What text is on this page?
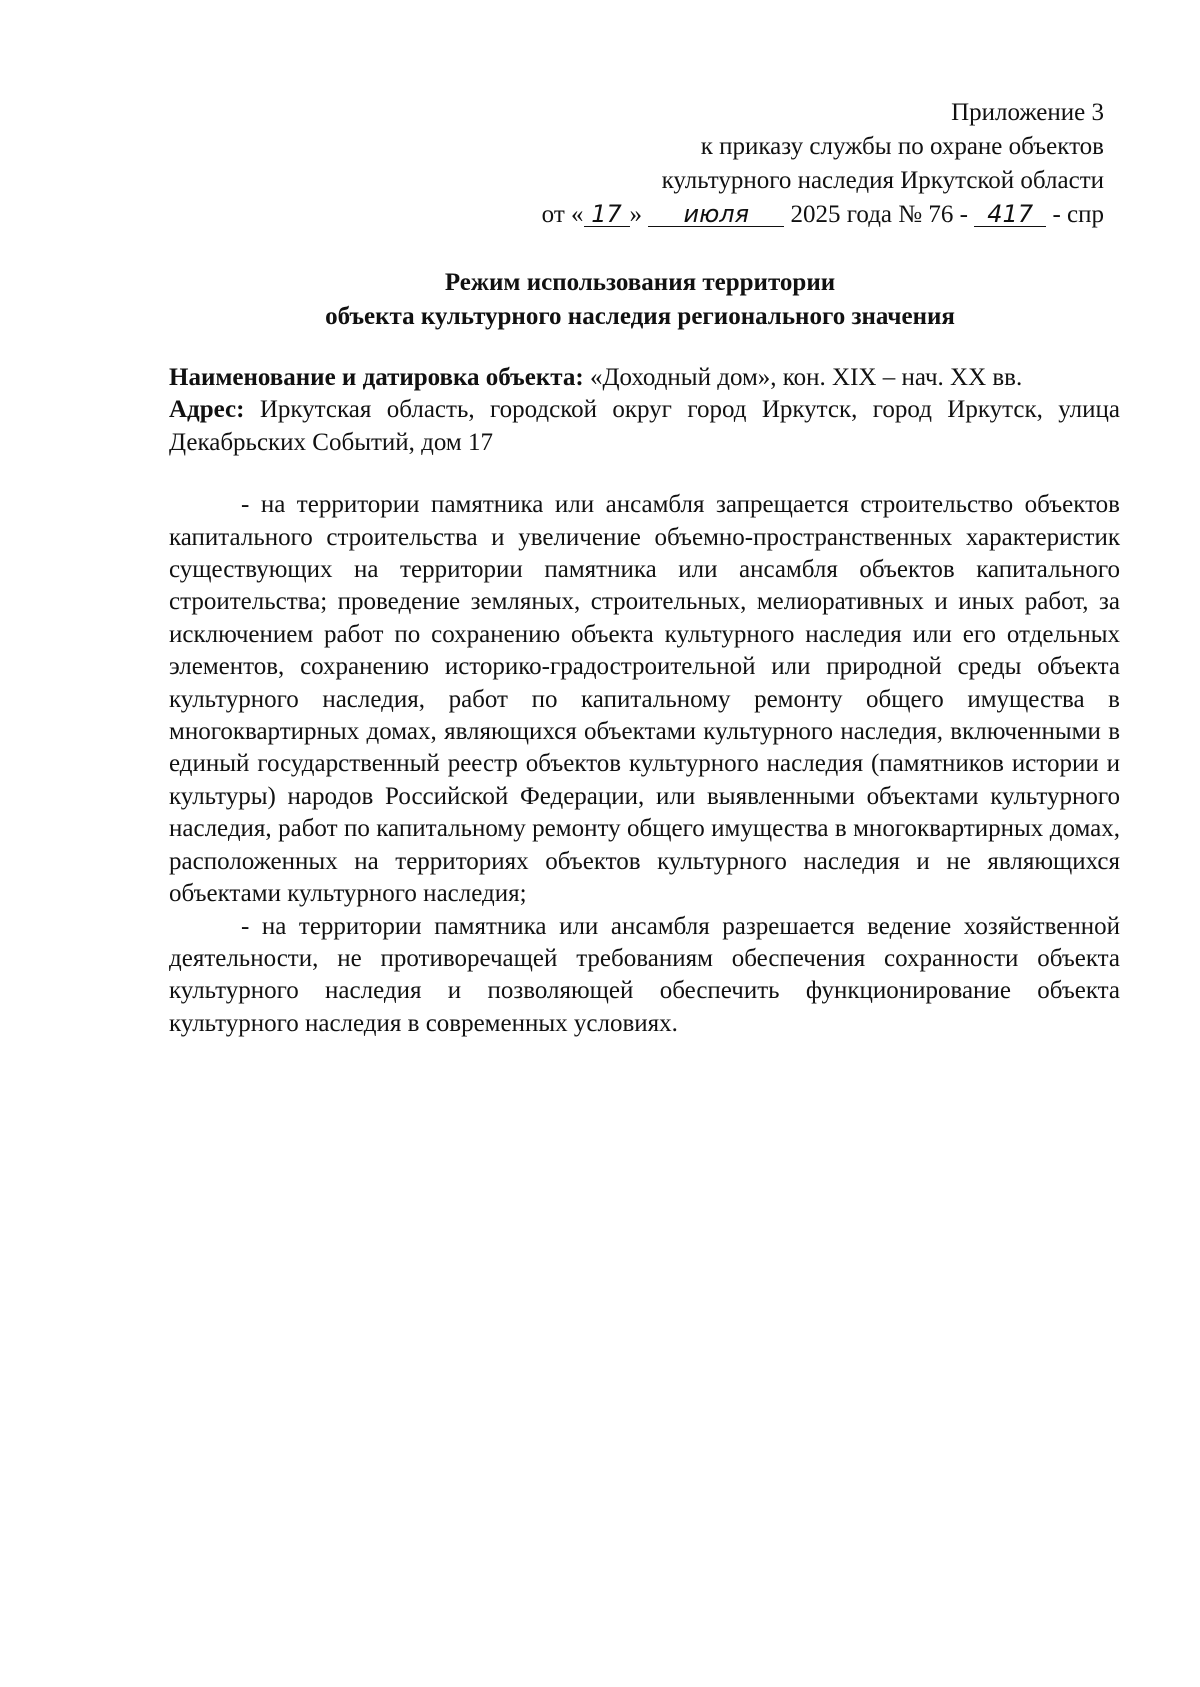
Приложение 3
к приказу службы по охране объектов
культурного наследия Иркутской области
от « 17 » июля 2025 года № 76 - 417 - спр
Режим использования территории
объекта культурного наследия регионального значения

Наименование и датировка объекта: «Доходный дом», кон. XIX – нач. XX вв.

Адрес: Иркутская область, городской округ город Иркутск, город Иркутск, улица Декабрьских Событий, дом 17

- на территории памятника или ансамбля запрещается строительство объектов капитального строительства и увеличение объемно-пространственных характеристик существующих на территории памятника или ансамбля объектов капитального строительства; проведение земляных, строительных, мелиоративных и иных работ, за исключением работ по сохранению объекта культурного наследия или его отдельных элементов, сохранению историко-градостроительной или природной среды объекта культурного наследия, работ по капитальному ремонту общего имущества в многоквартирных домах, являющихся объектами культурного наследия, включенными в единый государственный реестр объектов культурного наследия (памятников истории и культуры) народов Российской Федерации, или выявленными объектами культурного наследия, работ по капитальному ремонту общего имущества в многоквартирных домах, расположенных на территориях объектов культурного наследия и не являющихся объектами культурного наследия;

- на территории памятника или ансамбля разрешается ведение хозяйственной деятельности, не противоречащей требованиям обеспечения сохранности объекта культурного наследия и позволяющей обеспечить функционирование объекта культурного наследия в современных условиях.
